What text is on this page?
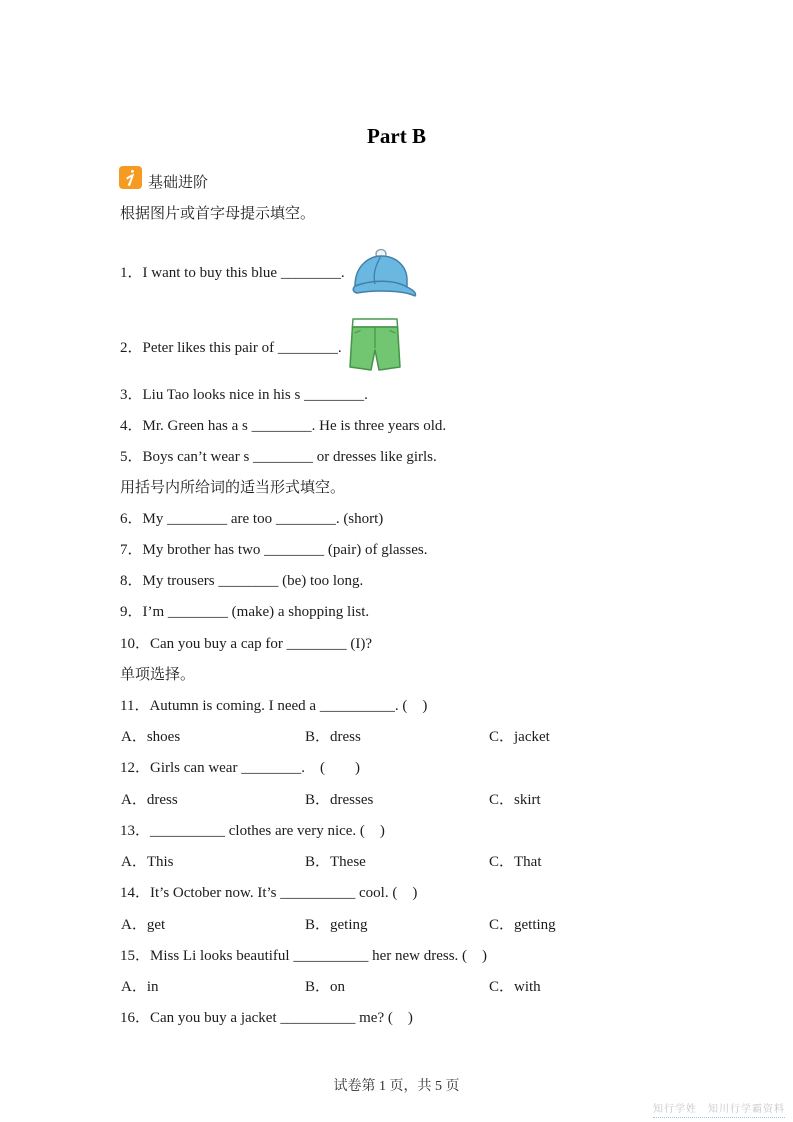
Part B
基础进阶
根据图片或首字母提示填空。
1．I want to buy this blue ________.
2．Peter likes this pair of ________.
3．Liu Tao looks nice in his s ________.
4．Mr. Green has a s ________. He is three years old.
5．Boys can’t wear s ________ or dresses like girls.
用括号内所给词的适当形式填空。
6．My ________ are too ________. (short)
7．My brother has two ________ (pair) of glasses.
8．My trousers ________ (be) too long.
9．I’m ________ (make) a shopping list.
10．Can you buy a cap for ________ (I)?
单项选择。
11．Autumn is coming. I need a __________. (　)
A．shoes	B．dress	C．jacket
12．Girls can wear ________.　(　　)
A．dress	B．dresses	C．skirt
13．__________ clothes are very nice. (　)
A．This	B．These	C．That
14．It’s October now. It’s __________ cool. (　)
A．get	B．geting	C．getting
15．Miss Li looks beautiful __________ her new dress. (　)
A．in	B．on	C．with
16．Can you buy a jacket __________ me? (　)
试卷第 1 页，共 5 页
知行学姓　知川行学霸资料
